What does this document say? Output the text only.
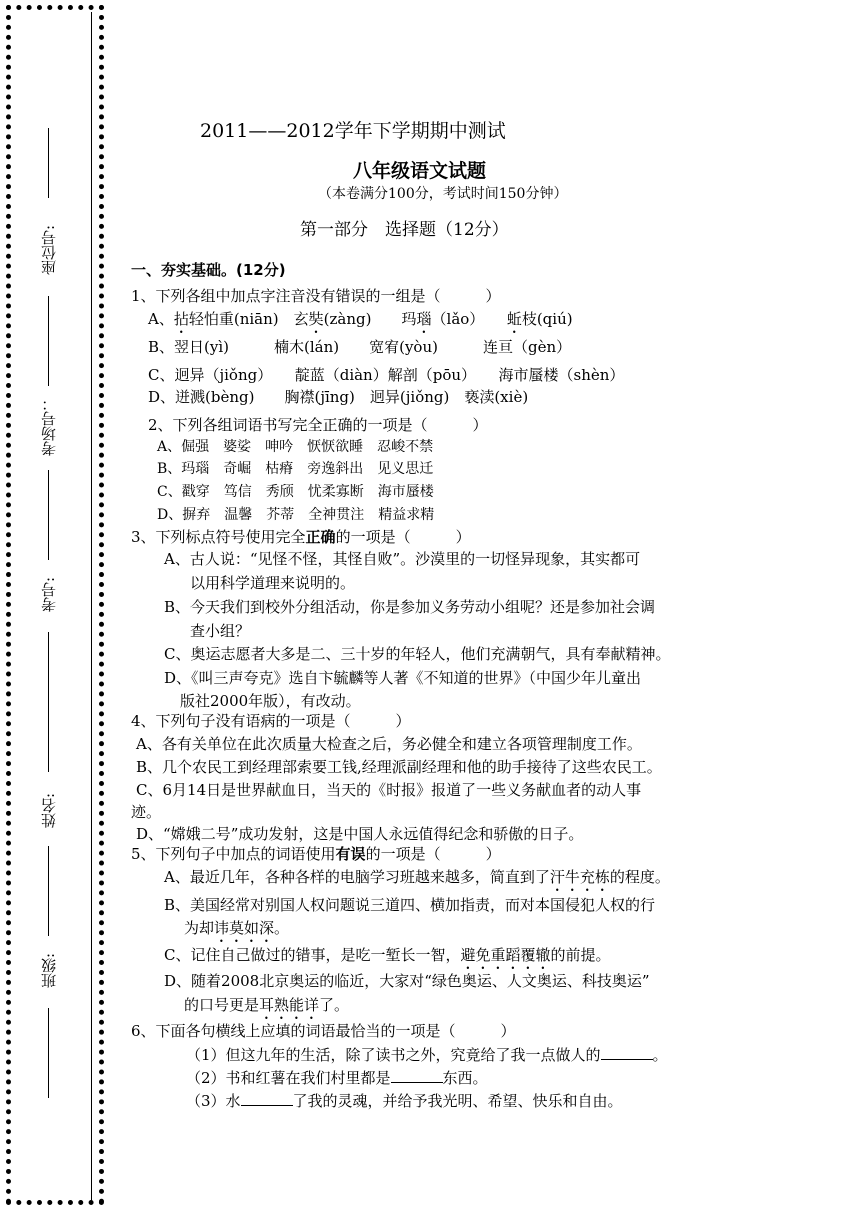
座位号:
考场号：
考号:
姓名:
班级:
2011——2012学年下学期期中测试
八年级语文试题
（本卷满分100分，考试时间150分钟）
第一部分　选择题（12分）
一、夯实基础。(12分)
1、下列各组中加点字注音没有错误的一组是（　　　）
A、拈轻怕重(niān)　玄奘(zàng)　　玛瑙（lǎo）　　蚯枝(qiú)
B、翌日(yì)　　　楠木(lán)　　宽宥(yòu)　　　连亘（gèn）
C、迥异（jiǒng）　　靛蓝（diàn）解剖（pōu）　　海市蜃楼（shèn）
D、迸溅(bèng)　　胸襟(jīng)　迥异(jiǒng)　亵渎(xiè)
2、下列各组词语书写完全正确的一项是（　　　）
A、倔强　婆娑　呻吟　恹恹欲睡　忍峻不禁
B、玛瑙　奇崛　枯瘠　旁逸斜出　见义思迁
C、戳穿　笃信　秀颀　忧柔寡断　海市蜃楼
D、摒弃　温馨　芥蒂　全神贯注　精益求精
3、下列标点符号使用完全正确的一项是（　　　）
A、古人说：“见怪不怪，其怪自败”。沙漠里的一切怪异现象，其实都可
以用科学道理来说明的。
B、今天我们到校外分组活动，你是参加义务劳动小组呢？还是参加社会调
查小组？
C、奥运志愿者大多是二、三十岁的年轻人，他们充满朝气，具有奉献精神。
D、《叫三声夸克》选自卞毓麟等人著《不知道的世界》（中国少年儿童出
版社2000年版），有改动。
4、下列句子没有语病的一项是（　　　）
A、各有关单位在此次质量大检查之后，务必健全和建立各项管理制度工作。
B、几个农民工到经理部索要工钱,经理派副经理和他的助手接待了这些农民工。
C、6月14日是世界献血日，当天的《时报》报道了一些义务献血者的动人事
迹。
D、“嫦娥二号”成功发射，这是中国人永远值得纪念和骄傲的日子。
5、下列句子中加点的词语使用有误的一项是（　　　）
A、最近几年，各种各样的电脑学习班越来越多，简直到了汗牛充栋的程度。
B、美国经常对别国人权问题说三道四、横加指责，而对本国侵犯人权的行
为却讳莫如深。
C、记住自己做过的错事，是吃一堑长一智，避免重蹈覆辙的前提。
D、随着2008北京奥运的临近，大家对“绿色奥运、人文奥运、科技奥运”
的口号更是耳熟能详了。
6、下面各句横线上应填的词语最恰当的一项是（　　　）
（1）但这九年的生活，除了读书之外，究竟给了我一点做人的	。
（2）书和红薯在我们村里都是	东西。
（3）水	了我的灵魂，并给予我光明、希望、快乐和自由。
